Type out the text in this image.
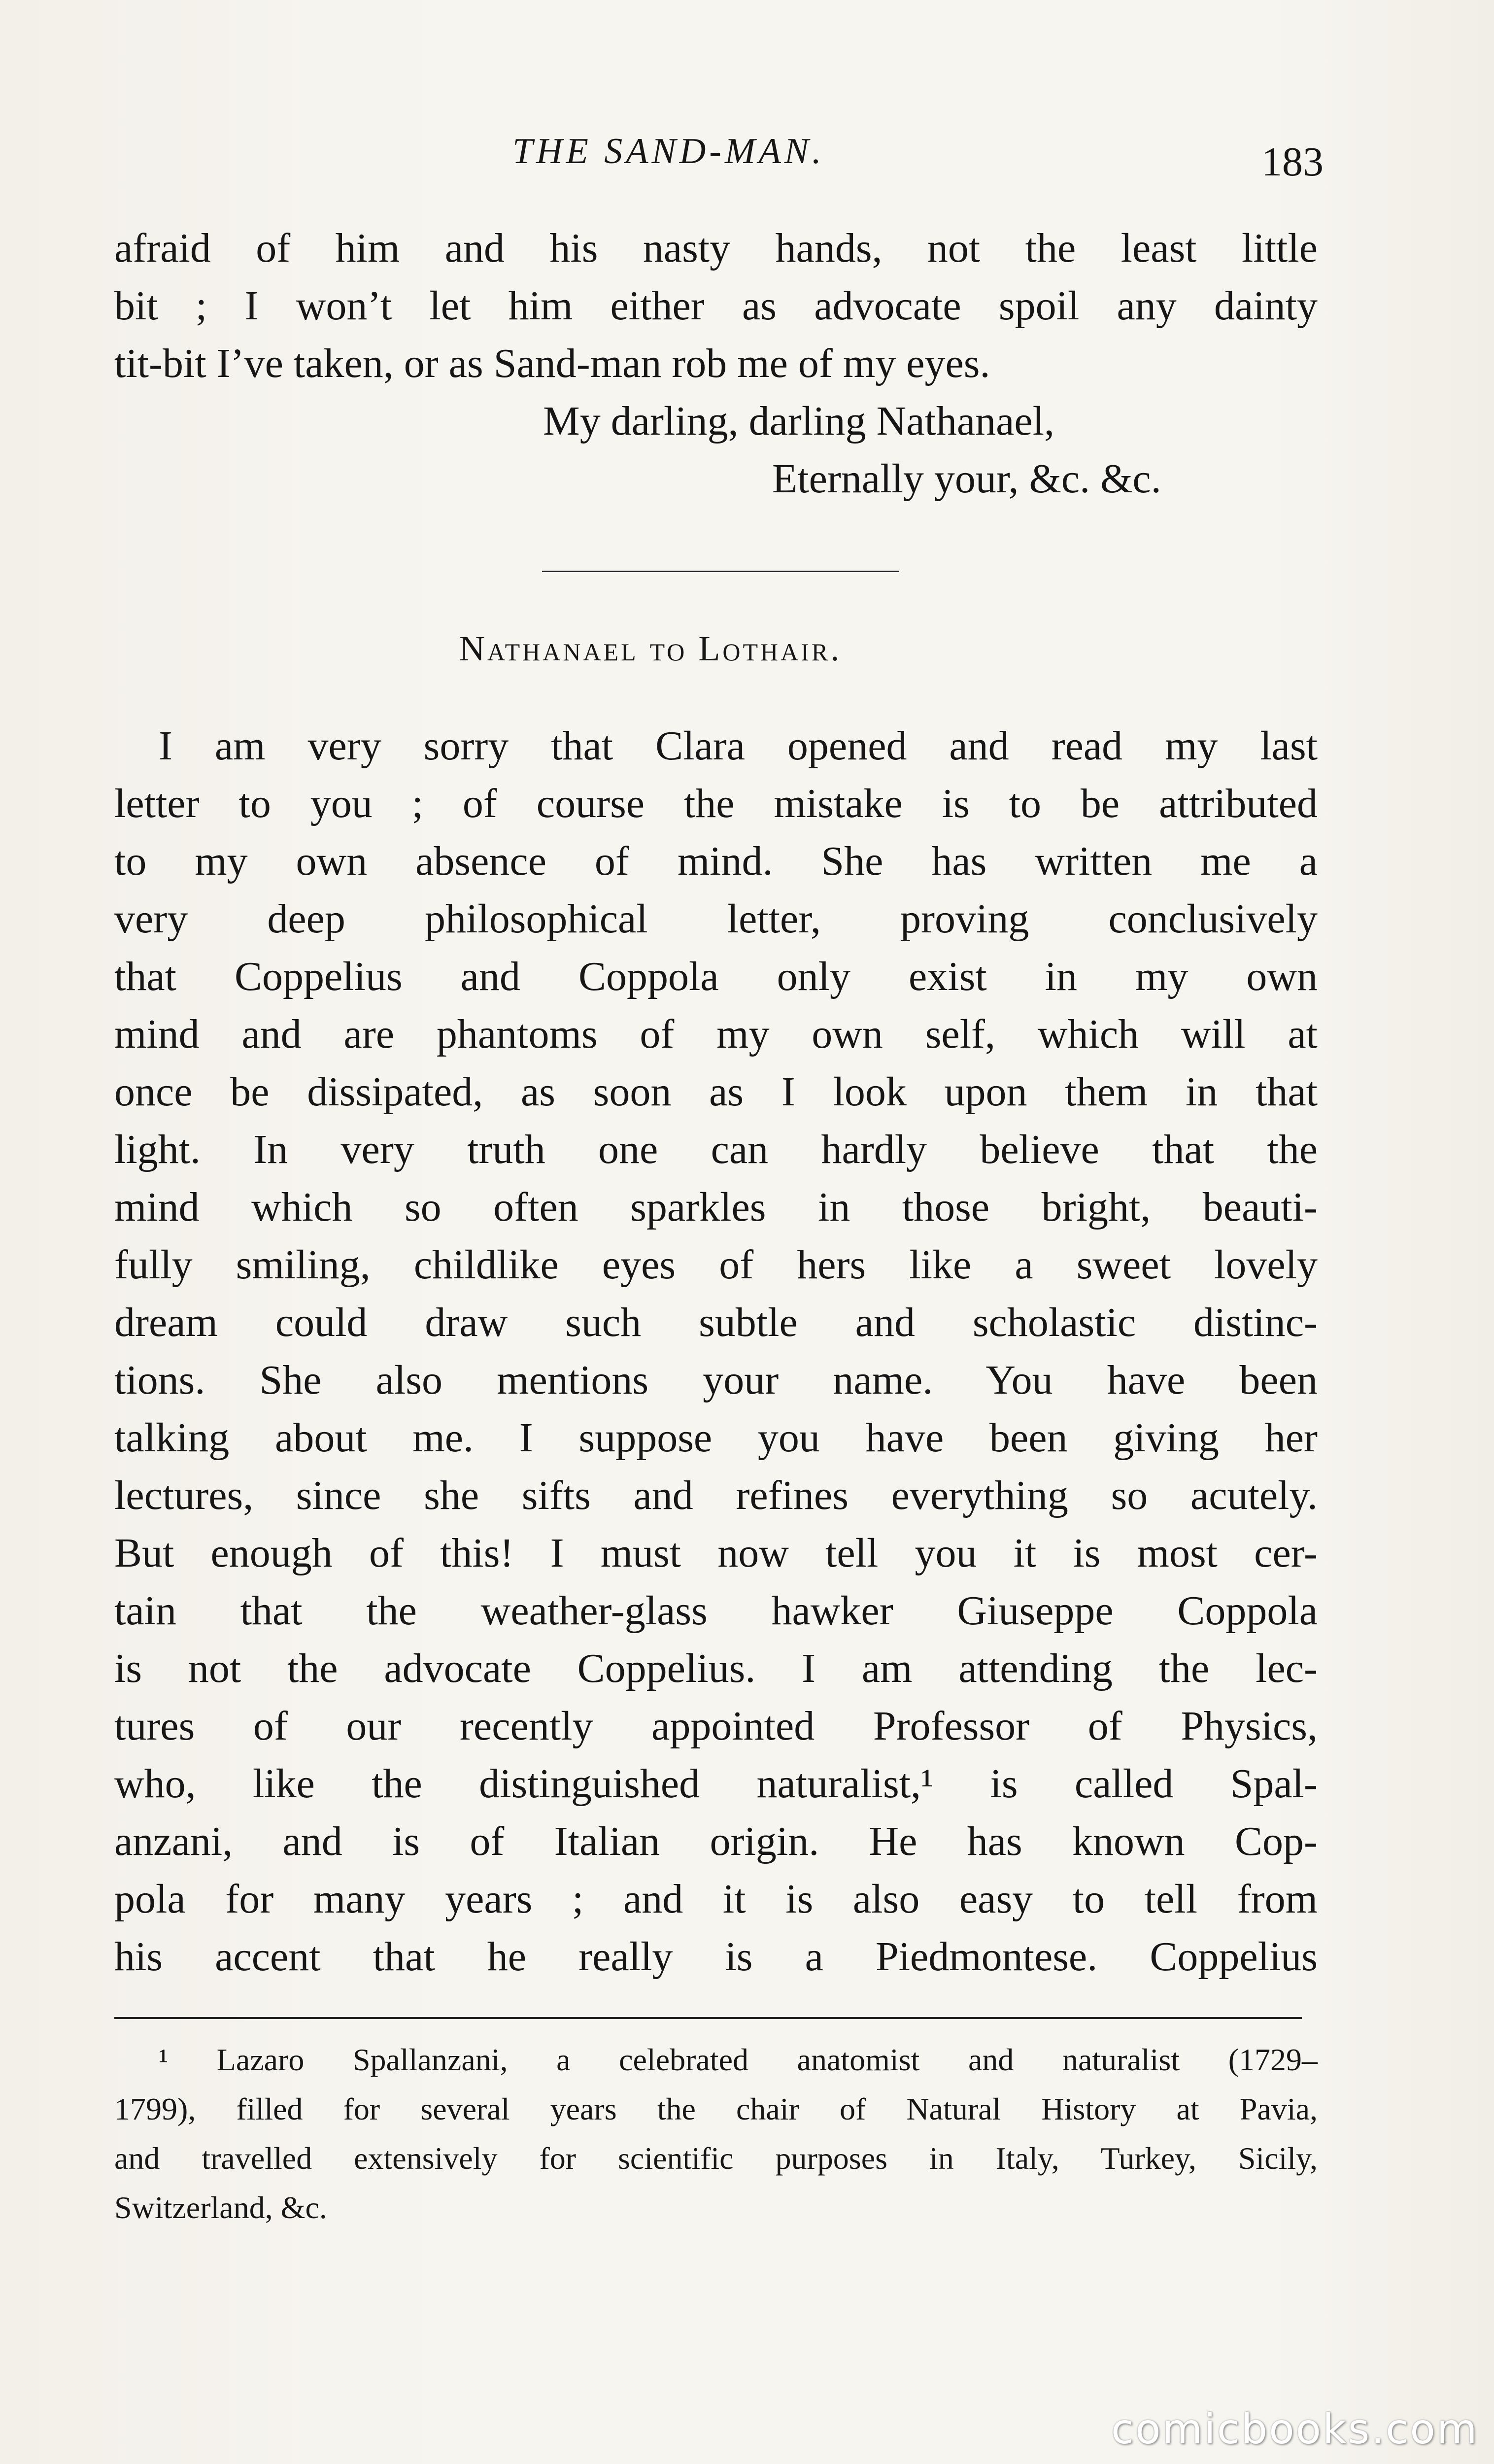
THE SAND-MAN.	183
afraid of him and his nasty hands, not the least little
bit ; I won’t let him either as advocate spoil any dainty
tit-bit I’ve taken, or as Sand-man rob me of my eyes.
My darling, darling Nathanael,
Eternally your, &c. &c.
Nathanael to Lothair.
I am very sorry that Clara opened and read my last
letter to you ; of course the mistake is to be attributed
to my own absence of mind. She has written me a
very deep philosophical letter, proving conclusively
that Coppelius and Coppola only exist in my own
mind and are phantoms of my own self, which will at
once be dissipated, as soon as I look upon them in that
light. In very truth one can hardly believe that the
mind which so often sparkles in those bright, beauti-
fully smiling, childlike eyes of hers like a sweet lovely
dream could draw such subtle and scholastic distinc-
tions. She also mentions your name. You have been
talking about me. I suppose you have been giving her
lectures, since she sifts and refines everything so acutely.
But enough of this! I must now tell you it is most cer-
tain that the weather-glass hawker Giuseppe Coppola
is not the advocate Coppelius. I am attending the lec-
tures of our recently appointed Professor of Physics,
who, like the distinguished naturalist,¹ is called Spal-
anzani, and is of Italian origin. He has known Cop-
pola for many years ; and it is also easy to tell from
his accent that he really is a Piedmontese. Coppelius
¹ Lazaro Spallanzani, a celebrated anatomist and naturalist (1729–
1799), filled for several years the chair of Natural History at Pavia,
and travelled extensively for scientific purposes in Italy, Turkey, Sicily,
Switzerland, &c.
comicbooks.com
